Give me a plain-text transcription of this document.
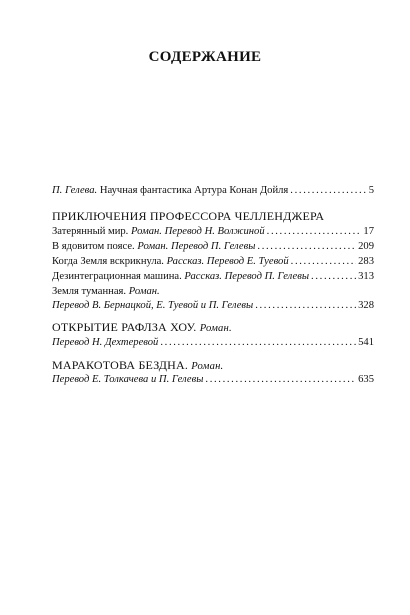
СОДЕРЖАНИЕ
П. Гелева. Научная фантастика Артура Конан Дойля . . .	5
ПРИКЛЮЧЕНИЯ ПРОФЕССОРА ЧЕЛЛЕНДЖЕРА
Затерянный мир. Роман. Перевод Н. Волжиной . . .	17
В ядовитом поясе. Роман. Перевод П. Гелевы . . .	209
Когда Земля вскрикнула. Рассказ. Перевод Е. Туевой . . .	283
Дезинтеграционная машина. Рассказ. Перевод П. Гелевы . . .	313
Земля туманная. Роман.
Перевод В. Бернацкой, Е. Туевой и П. Гелевы . . .	328
ОТКРЫТИЕ РАФЛЗА ХОУ. Роман.
Перевод Н. Дехтеревой . . .	541
МАРАКОТОВА БЕЗДНА. Роман.
Перевод Е. Толкачева и П. Гелевы . . .	635
